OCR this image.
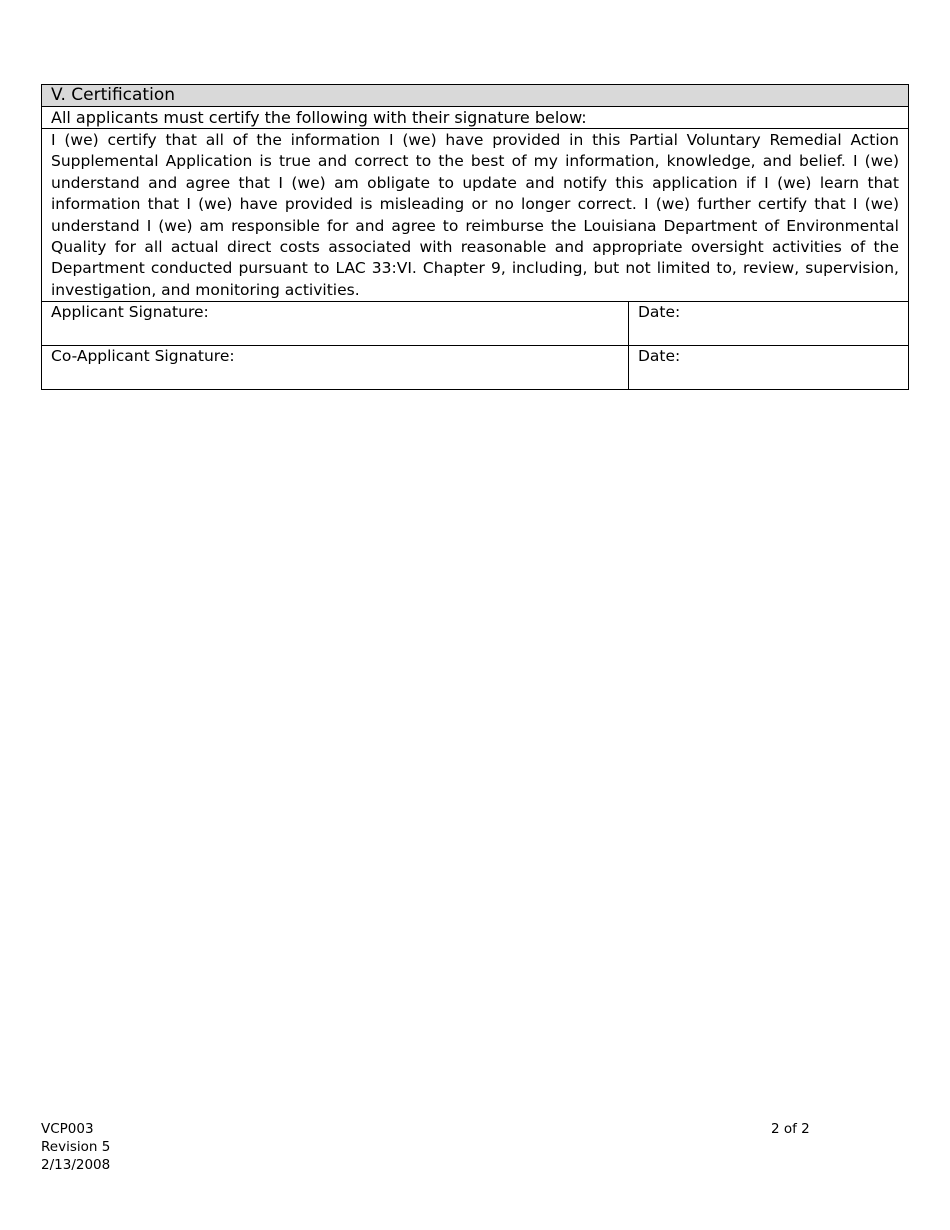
V. Certification	
All applicants must certify the following with their signature below:	
I (we) certify that all of the information I (we) have provided in this Partial Voluntary Remedial Action Supplemental Application is true and correct to the best of my information, knowledge, and belief. I (we) understand and agree that I (we) am obligate to update and notify this application if I (we) learn that information that I (we) have provided is misleading or no longer correct. I (we) further certify that I (we) understand I (we) am responsible for and agree to reimburse the Louisiana Department of Environmental Quality for all actual direct costs associated with reasonable and appropriate oversight activities of the Department conducted pursuant to LAC 33:VI. Chapter 9, including, but not limited to, review, supervision, investigation, and monitoring activities.	
Applicant Signature:	Date:
Co-Applicant Signature:	Date:
VCP003
Revision 5
2/13/2008
2 of 2
